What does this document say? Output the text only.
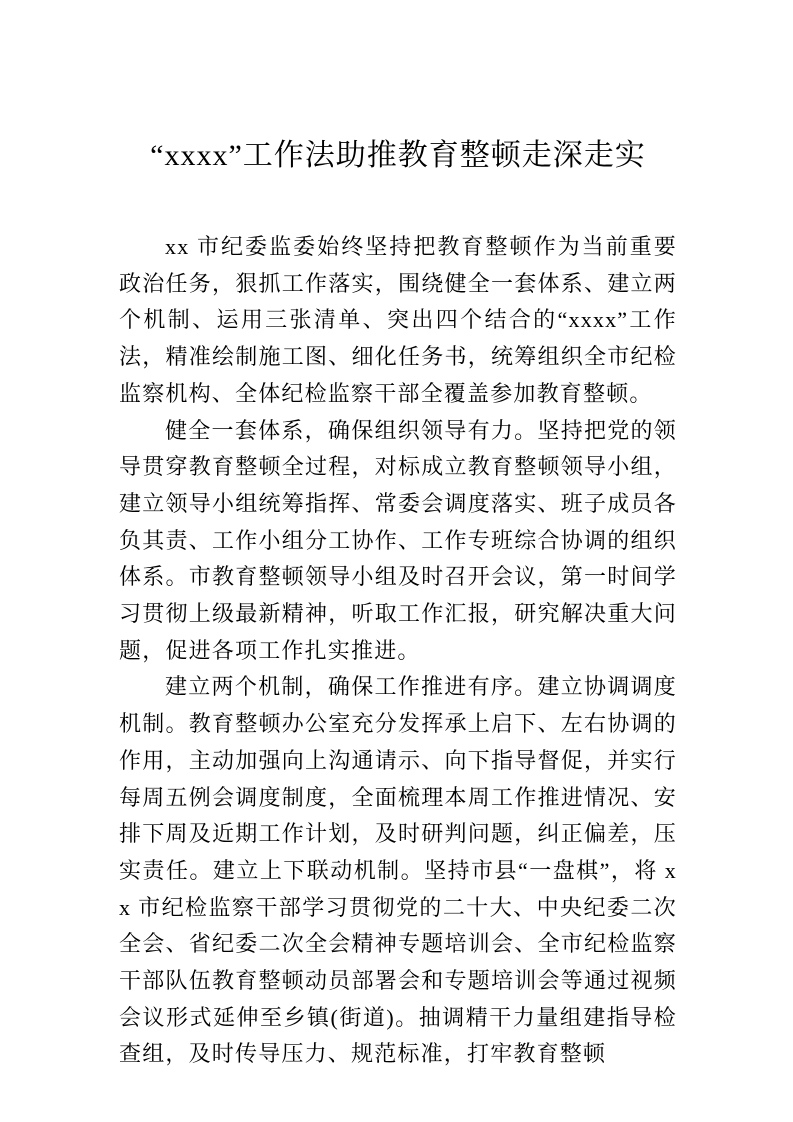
“xxxx”工作法助推教育整顿走深走实

xx 市纪委监委始终坚持把教育整顿作为当前重要政治任务，狠抓工作落实，围绕健全一套体系、建立两个机制、运用三张清单、突出四个结合的“xxxx”工作法，精准绘制施工图、细化任务书，统筹组织全市纪检监察机构、全体纪检监察干部全覆盖参加教育整顿。

健全一套体系，确保组织领导有力。坚持把党的领导贯穿教育整顿全过程，对标成立教育整顿领导小组，建立领导小组统筹指挥、常委会调度落实、班子成员各负其责、工作小组分工协作、工作专班综合协调的组织体系。市教育整顿领导小组及时召开会议，第一时间学习贯彻上级最新精神，听取工作汇报，研究解决重大问题，促进各项工作扎实推进。

建立两个机制，确保工作推进有序。建立协调调度机制。教育整顿办公室充分发挥承上启下、左右协调的作用，主动加强向上沟通请示、向下指导督促，并实行每周五例会调度制度，全面梳理本周工作推进情况、安排下周及近期工作计划，及时研判问题，纠正偏差，压实责任。建立上下联动机制。坚持市县“一盘棋”，将 xx 市纪检监察干部学习贯彻党的二十大、中央纪委二次全会、省纪委二次全会精神专题培训会、全市纪检监察干部队伍教育整顿动员部署会和专题培训会等通过视频会议形式延伸至乡镇(街道)。抽调精干力量组建指导检查组，及时传导压力、规范标准，打牢教育整顿
